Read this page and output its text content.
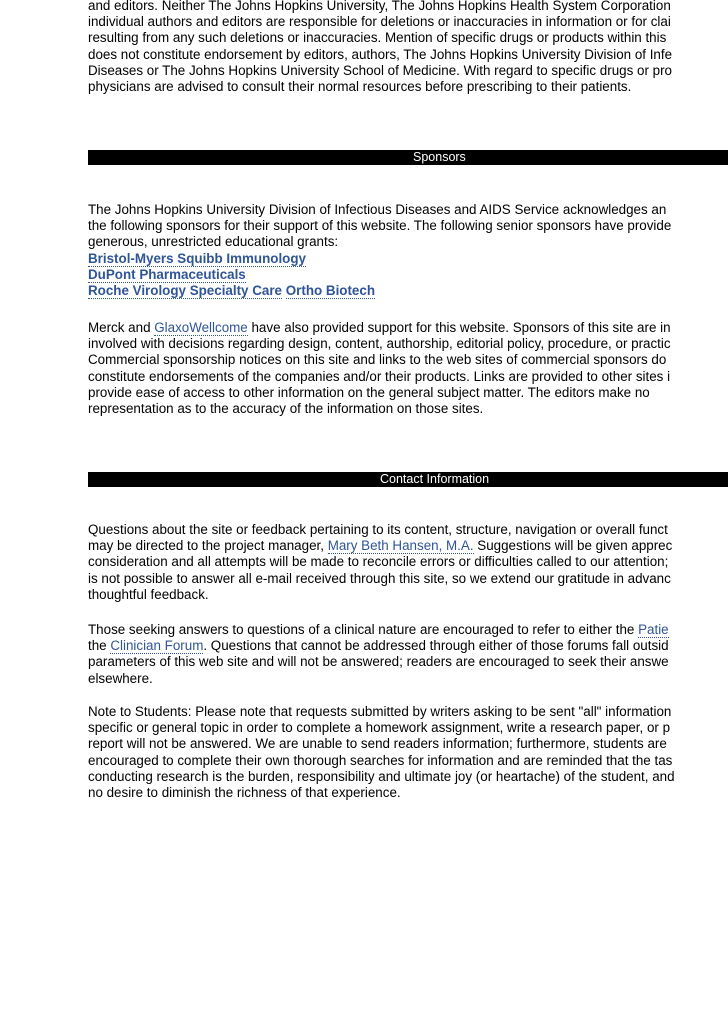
and editors. Neither The Johns Hopkins University, The Johns Hopkins Health System Corporation
individual authors and editors are responsible for deletions or inaccuracies in information or for clai
resulting from any such deletions or inaccuracies. Mention of specific drugs or products within this
does not constitute endorsement by editors, authors, The Johns Hopkins University Division of Infe
Diseases or The Johns Hopkins University School of Medicine. With regard to specific drugs or pro
physicians are advised to consult their normal resources before prescribing to their patients.
Sponsors
The Johns Hopkins University Division of Infectious Diseases and AIDS Service acknowledges an
the following sponsors for their support of this website. The following senior sponsors have provide
generous, unrestricted educational grants:
Bristol-Myers Squibb Immunology
DuPont Pharmaceuticals
Roche Virology Specialty Care Ortho Biotech
Merck and GlaxoWellcome have also provided support for this website. Sponsors of this site are in
involved with decisions regarding design, content, authorship, editorial policy, procedure, or practic
Commercial sponsorship notices on this site and links to the web sites of commercial sponsors do
constitute endorsements of the companies and/or their products. Links are provided to other sites i
provide ease of access to other information on the general subject matter. The editors make no
representation as to the accuracy of the information on those sites.
Contact Information
Questions about the site or feedback pertaining to its content, structure, navigation or overall funct
may be directed to the project manager, Mary Beth Hansen, M.A. Suggestions will be given apprec
consideration and all attempts will be made to reconcile errors or difficulties called to our attention;
is not possible to answer all e-mail received through this site, so we extend our gratitude in advanc
thoughtful feedback.
Those seeking answers to questions of a clinical nature are encouraged to refer to either the Patie
the Clinician Forum. Questions that cannot be addressed through either of those forums fall outsid
parameters of this web site and will not be answered; readers are encouraged to seek their answe
elsewhere.
Note to Students: Please note that requests submitted by writers asking to be sent "all" information
specific or general topic in order to complete a homework assignment, write a research paper, or p
report will not be answered. We are unable to send readers information; furthermore, students are
encouraged to complete their own thorough searches for information and are reminded that the tas
conducting research is the burden, responsibility and ultimate joy (or heartache) of the student, and
no desire to diminish the richness of that experience.
